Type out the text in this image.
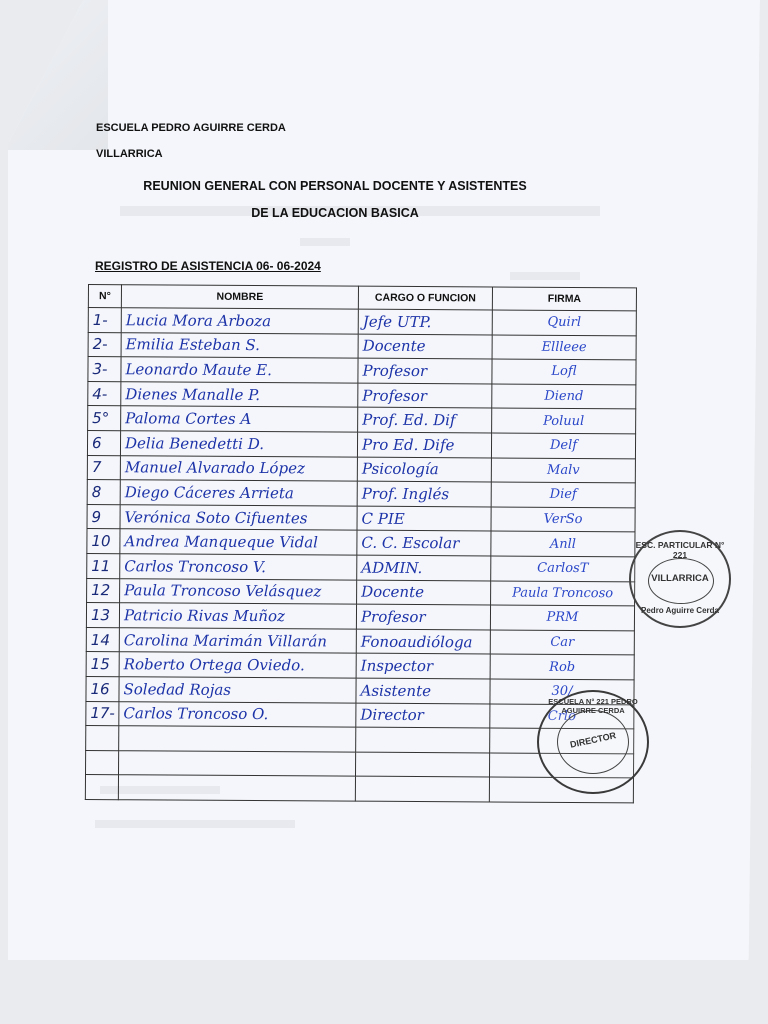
ESCUELA PEDRO AGUIRRE CERDA
VILLARRICA
REUNION GENERAL CON PERSONAL DOCENTE Y ASISTENTES
DE LA EDUCACION BASICA
REGISTRO DE ASISTENCIA 06- 06-2024
N°	NOMBRE	CARGO O FUNCION	FIRMA
1-	Lucia Mora Arboza	Jefe UTP.	Quirl
2-	Emilia Esteban S.	Docente	Ellleee
3-	Leonardo Maute E.	Profesor	Lofl
4-	Dienes Manalle P.	Profesor	Diend
5°	Paloma Cortes A	Prof. Ed. Dif	Poluul
6	Delia Benedetti D.	Pro Ed. Dife	Delf
7	Manuel Alvarado López	Psicología	Malv
8	Diego Cáceres Arrieta	Prof. Inglés	Dief
9	Verónica Soto Cifuentes	C PIE	VerSo
10	Andrea Manqueque Vidal	C. C. Escolar	Anll
11	Carlos Troncoso V.	ADMIN.	CarlosT
12	Paula Troncoso Velásquez	Docente	Paula Troncoso
13	Patricio Rivas Muñoz	Profesor	PRM
14	Carolina Marimán Villarán	Fonoaudióloga	Car
15	Roberto Ortega Oviedo.	Inspector	Rob
16	Soledad Rojas	Asistente	30/
17-	Carlos Troncoso O.	Director	Crlo

ESC. PARTICULAR N° 221
VILLARRICA
Pedro Aguirre Cerda
ESCUELA N° 221 PEDRO AGUIRRE CERDA
DIRECTOR
